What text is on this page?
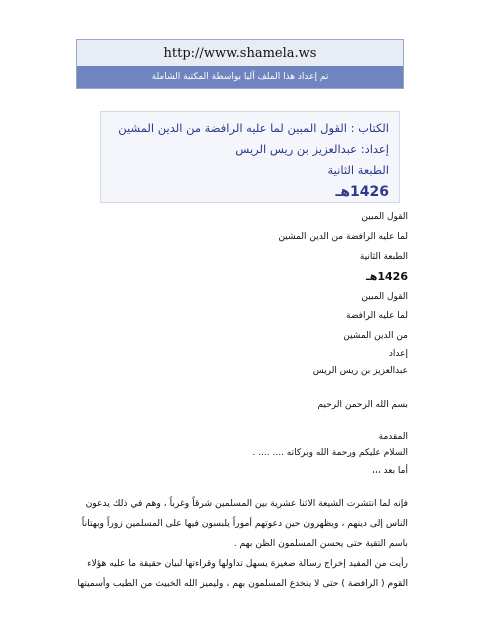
http://www.shamela.ws
تم إعداد هذا الملف آليا بواسطة المكتبة الشاملة
الكتاب : القول المبين لما عليه الرافضة من الدين المشين
إعداد: عبدالعزيز بن ريس الريس
الطبعة الثانية
1426هـ
القول المبين
لما عليه الرافضة من الدين المشين
الطبعة الثانية
1426هـ
القول المبين
لما عليه الرافضة
من الدين المشين
إعداد
عبدالعزيز بن ريس الريس
بسم الله الرحمن الرحيم
المقدمة
السلام عليكم ورحمة الله وبركاته .... .... .
أما بعد ،،،
فإنه لما انتشرت الشيعة الاثنا عشرية بين المسلمين شرقاً وغرباً ، وهم في ذلك يدعون
الناس إلى دينهم ، ويظهرون حين دعوتهم أموراً يلبسون فيها على المسلمين زوراً وبهتاناً
باسم التقية حتى يحسن المسلمون الظن بهم .
رأيت من المفيد إخراج رسالة صغيرة يسهل تداولها وقراءتها لبيان حقيقة ما عليه هؤلاء
القوم ( الرافضة ) حتى لا ينخدع المسلمون بهم ، وليميز الله الخبيث من الطيب وأسميتها
